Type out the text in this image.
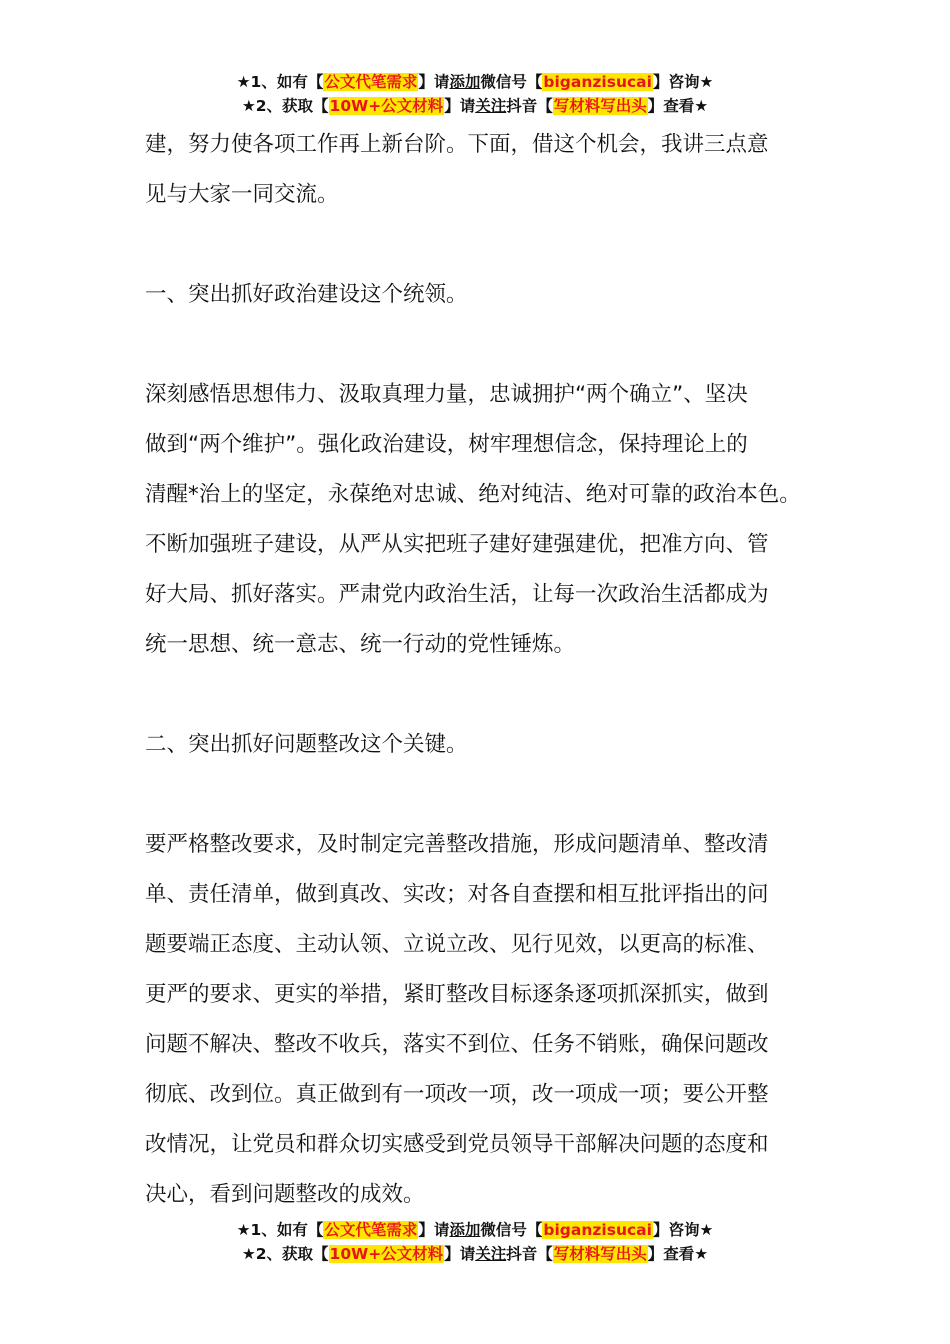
★1、如有【公文代笔需求】请添加微信号【biganzisucai】咨询★
★2、获取【10W+公文材料】请关注抖音【写材料写出头】查看★

建，努力使各项工作再上新台阶。下面，借这个机会，我讲三点意

见与大家一同交流。

一、突出抓好政治建设这个统领。

深刻感悟思想伟力、汲取真理力量，忠诚拥护“两个确立”、坚决

做到“两个维护”。强化政治建设，树牢理想信念，保持理论上的

清醒*治上的坚定，永葆绝对忠诚、绝对纯洁、绝对可靠的政治本色。

不断加强班子建设，从严从实把班子建好建强建优，把准方向、管

好大局、抓好落实。严肃党内政治生活，让每一次政治生活都成为

统一思想、统一意志、统一行动的党性锤炼。

二、突出抓好问题整改这个关键。

要严格整改要求，及时制定完善整改措施，形成问题清单、整改清

单、责任清单，做到真改、实改；对各自查摆和相互批评指出的问

题要端正态度、主动认领、立说立改、见行见效，以更高的标准、

更严的要求、更实的举措，紧盯整改目标逐条逐项抓深抓实，做到

问题不解决、整改不收兵，落实不到位、任务不销账，确保问题改

彻底、改到位。真正做到有一项改一项，改一项成一项；要公开整

改情况，让党员和群众切实感受到党员领导干部解决问题的态度和

决心，看到问题整改的成效。

★1、如有【公文代笔需求】请添加微信号【biganzisucai】咨询★
★2、获取【10W+公文材料】请关注抖音【写材料写出头】查看★
